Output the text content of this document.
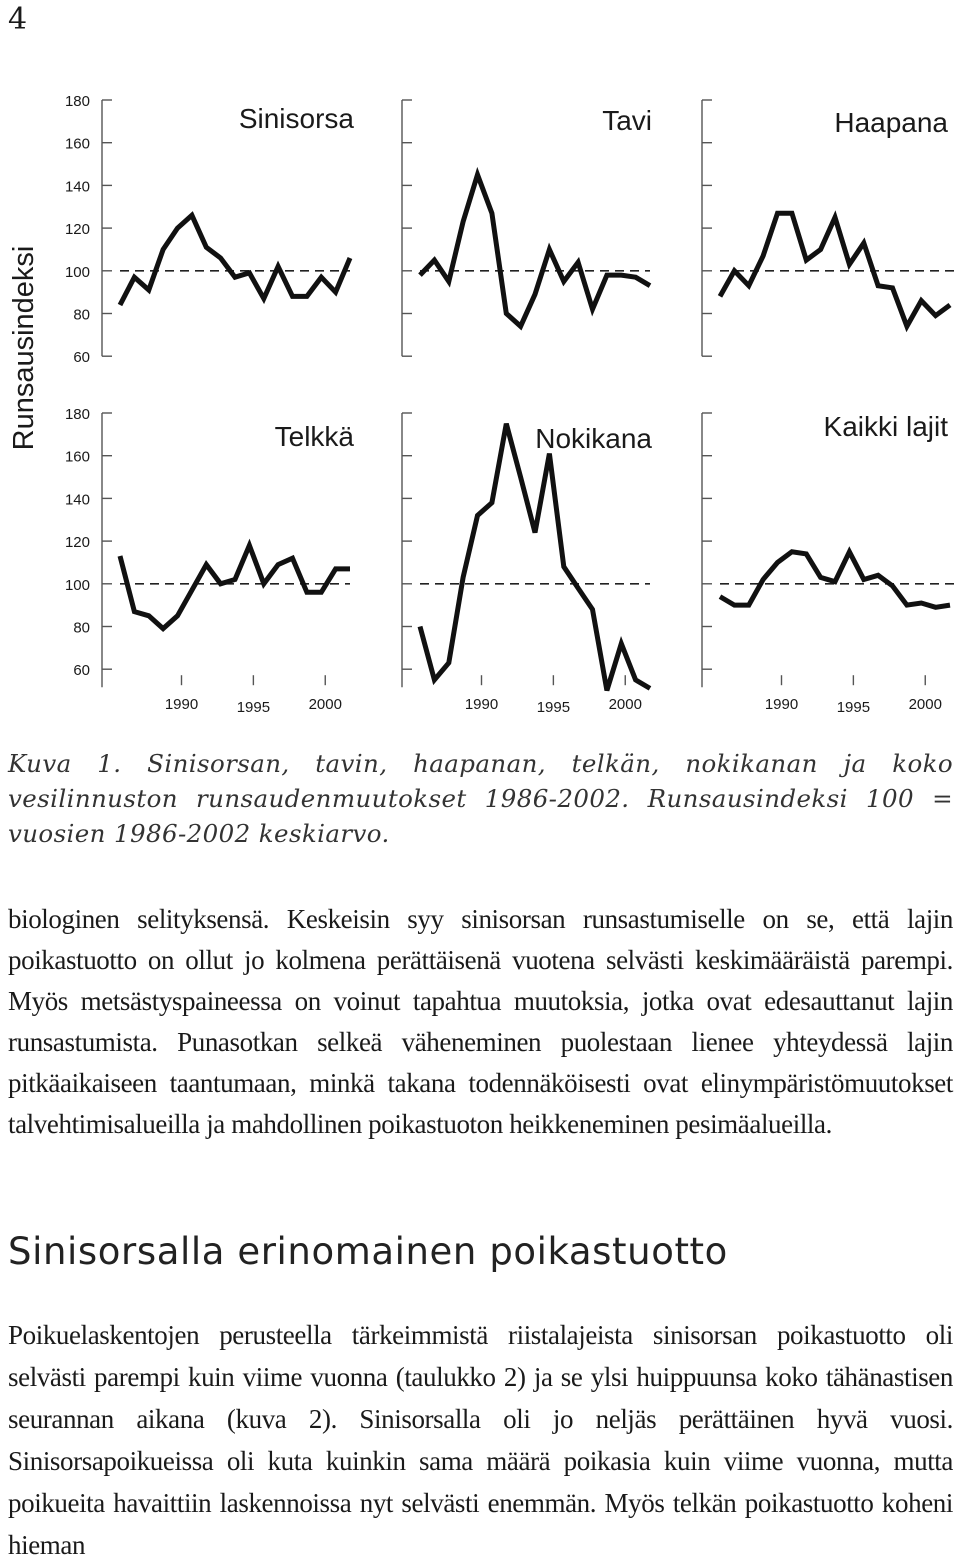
4
Runsausindeksi 60
80
100
120
140
160
180
Sinisorsa	Tavi	Haapana
60
80
100
120
140
160
180
1990	1995	2000
Telkkä
1990	1995	2000
Nokikana
1990	1995	2000
Kaikki lajit

Kuva 1. Sinisorsan, tavin, haapanan, telkän, nokikanan ja koko vesilinnuston runsaudenmuutokset 1986-2002. Runsausindeksi 100 = vuosien 1986-2002 keskiarvo.

biologinen selityksensä. Keskeisin syy sinisorsan runsastumiselle on se, että lajin poikastuotto on ollut jo kolmena perättäisenä vuotena selvästi keskimääräistä parempi. Myös metsästyspaineessa on voinut tapahtua muutoksia, jotka ovat edesauttanut lajin runsastumista. Punasotkan selkeä väheneminen puolestaan lienee yhteydessä lajin pitkäaikaiseen taantumaan, minkä takana todennäköisesti ovat elinympäristömuutokset talvehtimisalueilla ja mahdollinen poikastuoton heikkeneminen pesimäalueilla.

Sinisorsalla erinomainen poikastuotto

Poikuelaskentojen perusteella tärkeimmistä riistalajeista sinisorsan poikastuotto oli selvästi parempi kuin viime vuonna (taulukko 2) ja se ylsi huippuunsa koko tähänastisen seurannan aikana (kuva 2). Sinisorsalla oli jo neljäs perättäinen hyvä vuosi. Sinisorsapoikueissa oli kuta kuinkin sama määrä poikasia kuin viime vuonna, mutta poikueita havaittiin laskennoissa nyt selvästi enemmän. Myös telkän poikastuotto koheni hieman
